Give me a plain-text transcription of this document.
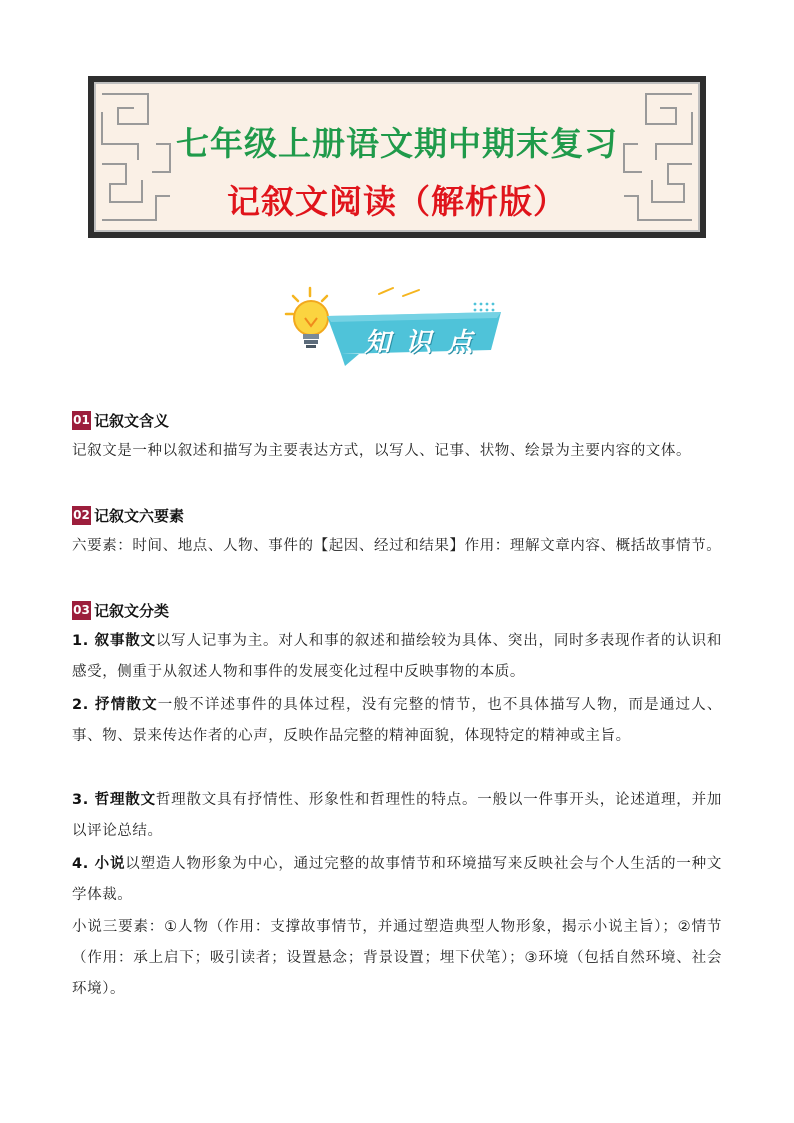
七年级上册语文期中期末复习
记叙文阅读（解析版）
知 识 点
01 记叙文含义
记叙文是一种以叙述和描写为主要表达方式，以写人、记事、状物、绘景为主要内容的文体。
02 记叙文六要素
六要素：时间、地点、人物、事件的【起因、经过和结果】作用：理解文章内容、概括故事情节。
03 记叙文分类
1. 叙事散文以写人记事为主。对人和事的叙述和描绘较为具体、突出，同时多表现作者的认识和感受，侧重于从叙述人物和事件的发展变化过程中反映事物的本质。
2. 抒情散文一般不详述事件的具体过程，没有完整的情节，也不具体描写人物，而是通过人、事、物、景来传达作者的心声，反映作品完整的精神面貌，体现特定的精神或主旨。
3. 哲理散文哲理散文具有抒情性、形象性和哲理性的特点。一般以一件事开头，论述道理，并加以评论总结。
4. 小说以塑造人物形象为中心，通过完整的故事情节和环境描写来反映社会与个人生活的一种文学体裁。
小说三要素：①人物（作用：支撑故事情节，并通过塑造典型人物形象，揭示小说主旨）；②情节（作用：承上启下；吸引读者；设置悬念；背景设置；埋下伏笔）；③环境（包括自然环境、社会环境）。
